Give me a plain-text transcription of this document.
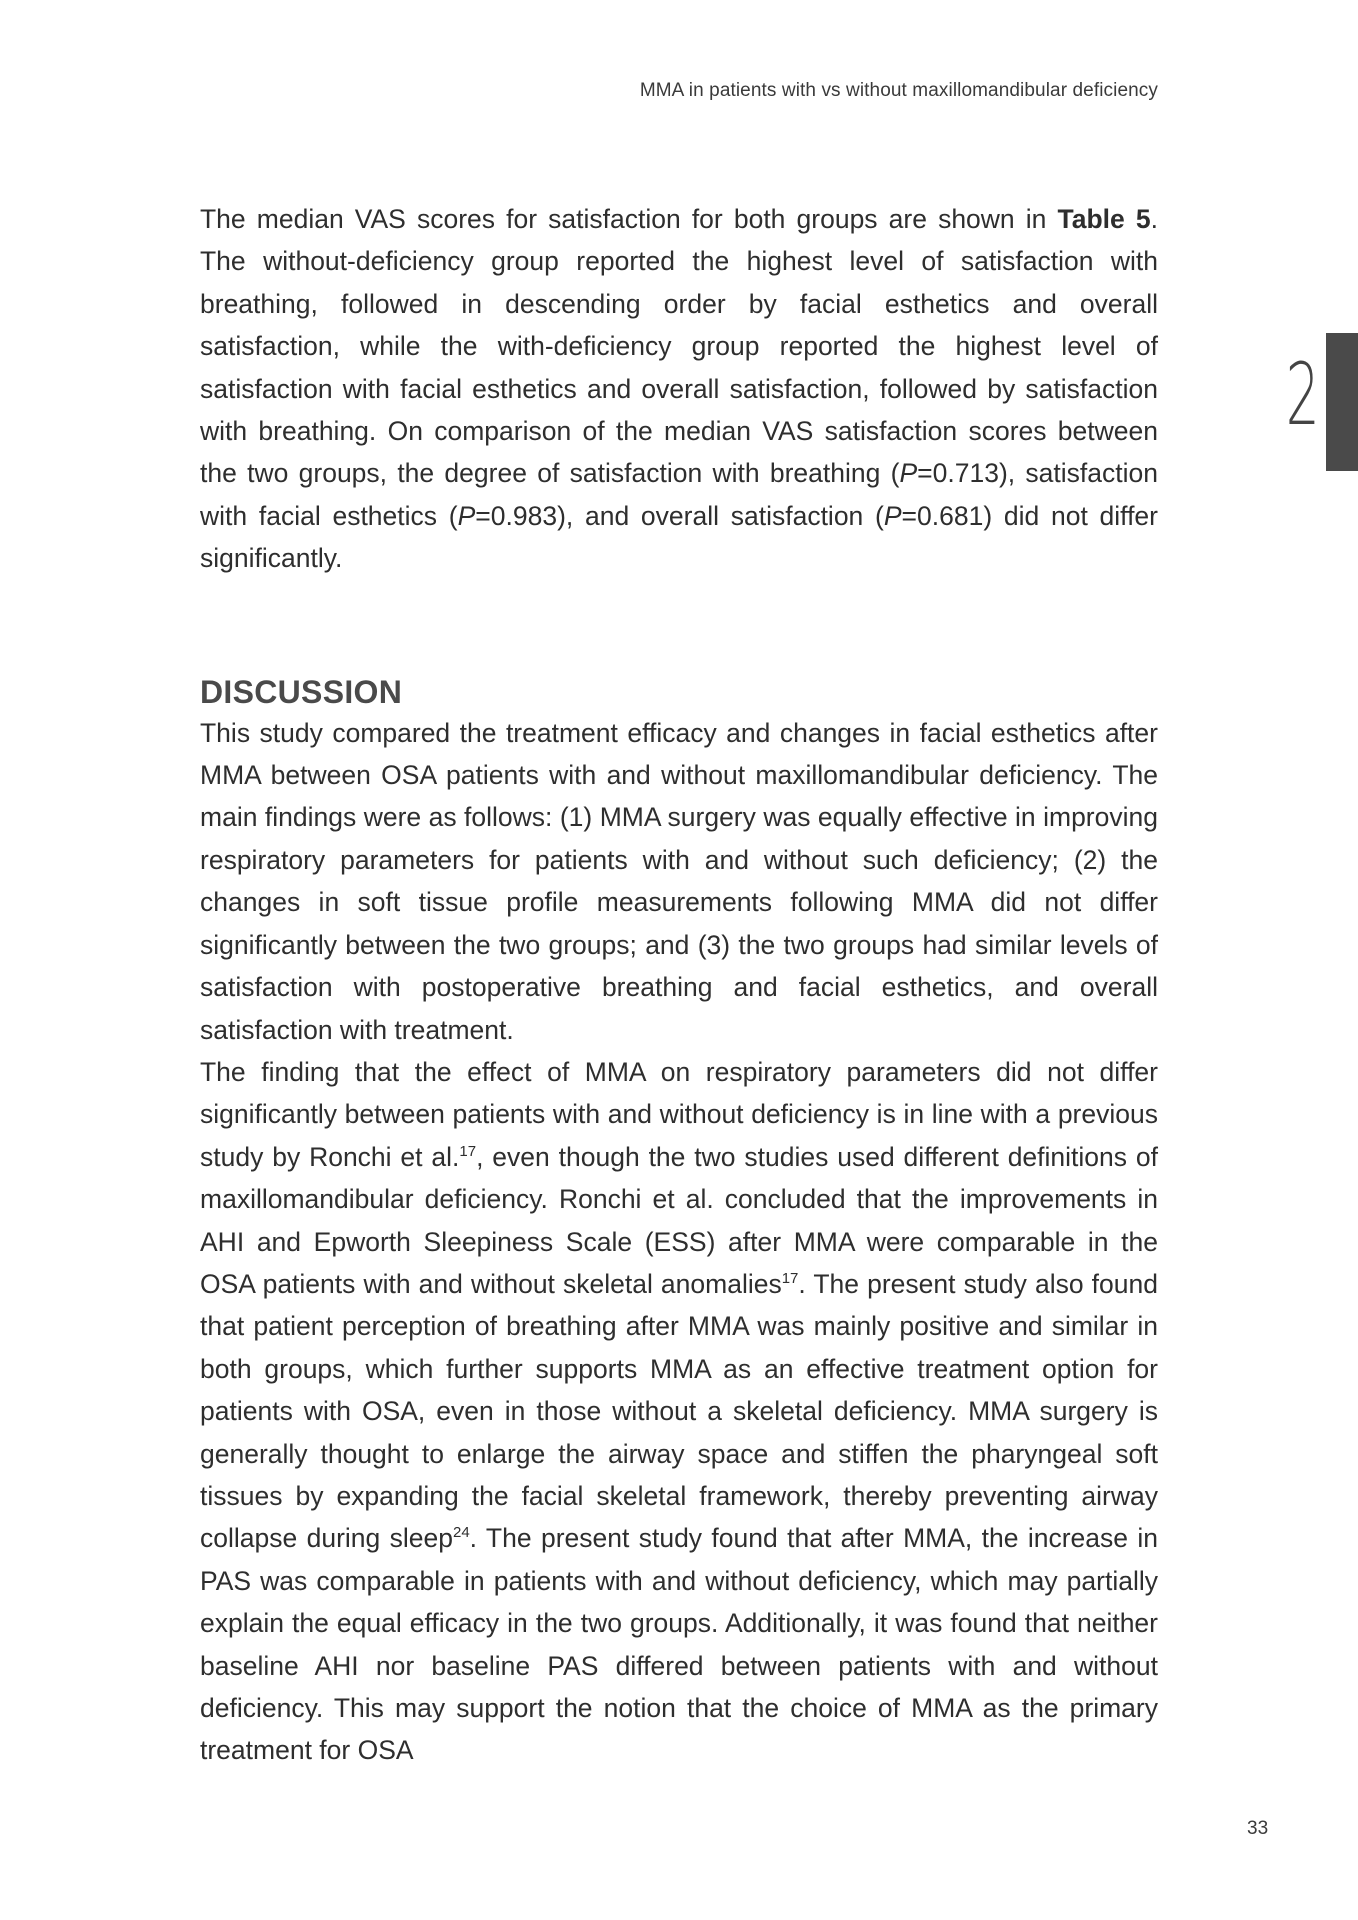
MMA in patients with vs without maxillomandibular deficiency
2

The median VAS scores for satisfaction for both groups are shown in Table 5. The without-deficiency group reported the highest level of satisfaction with breathing, followed in descending order by facial esthetics and overall satisfaction, while the with-deficiency group reported the highest level of satisfaction with facial esthetics and overall satisfaction, followed by satisfaction with breathing. On comparison of the median VAS satisfaction scores between the two groups, the degree of satisfaction with breathing (P=0.713), satisfaction with facial esthetics (P=0.983), and overall satisfaction (P=0.681) did not differ significantly.

DISCUSSION

This study compared the treatment efficacy and changes in facial esthetics after MMA between OSA patients with and without maxillomandibular deficiency. The main findings were as follows: (1) MMA surgery was equally effective in improving respiratory parameters for patients with and without such deficiency; (2) the changes in soft tissue profile measurements following MMA did not differ significantly between the two groups; and (3) the two groups had similar levels of satisfaction with postoperative breathing and facial esthetics, and overall satisfaction with treatment.

The finding that the effect of MMA on respiratory parameters did not differ significantly between patients with and without deficiency is in line with a previous study by Ronchi et al.$^{17}$, even though the two studies used different definitions of maxillomandibular deficiency. Ronchi et al. concluded that the improvements in AHI and Epworth Sleepiness Scale (ESS) after MMA were comparable in the OSA patients with and without skeletal anomalies$^{17}$. The present study also found that patient perception of breathing after MMA was mainly positive and similar in both groups, which further supports MMA as an effective treatment option for patients with OSA, even in those without a skeletal deficiency. MMA surgery is generally thought to enlarge the airway space and stiffen the pharyngeal soft tissues by expanding the facial skeletal framework, thereby preventing airway collapse during sleep$^{24}$. The present study found that after MMA, the increase in PAS was comparable in patients with and without deficiency, which may partially explain the equal efficacy in the two groups. Additionally, it was found that neither baseline AHI nor baseline PAS differed between patients with and without deficiency. This may support the notion that the choice of MMA as the primary treatment for OSA

33
